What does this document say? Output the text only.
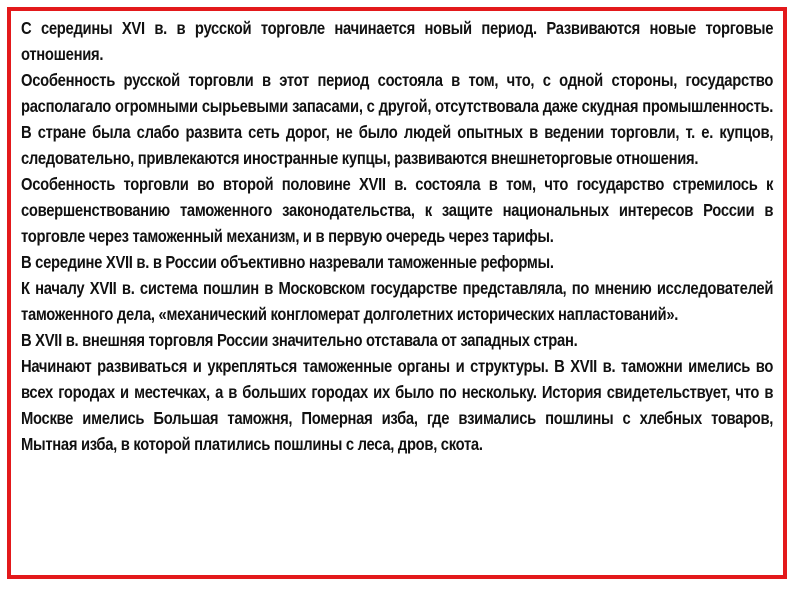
С середины XVI в. в русской торговле начинается новый период. Развиваются новые торговые отношения.

Особенность русской торговли в этот период состояла в том, что, с одной стороны, государство располагало огромными сырьевыми запасами, с другой, отсутствовала даже скудная промышленность. В стране была слабо развита сеть дорог, не было людей опытных в ведении торговли, т. е. купцов, следовательно, привлекаются иностранные купцы, развиваются внешнеторговые отношения.

Особенность торговли во второй половине XVII в. состояла в том, что государство стремилось к совершенствованию таможенного законодательства, к защите национальных интересов России в торговле через таможенный механизм, и в первую очередь через тарифы.

В середине XVII в. в России объективно назревали таможенные реформы.

К началу XVII в. система пошлин в Московском государстве представляла, по мнению исследователей таможенного дела, «механический конгломерат долголетних исторических напластований».

В XVII в. внешняя торговля России значительно отставала от западных стран.

Начинают развиваться и укрепляться таможенные органы и структуры. В XVII в. таможни имелись во всех городах и местечках, а в больших городах их было по нескольку. История свидетельствует, что в Москве имелись Большая таможня, Померная изба, где взимались пошлины с хлебных товаров, Мытная изба, в которой платились пошлины с леса, дров, скота.
